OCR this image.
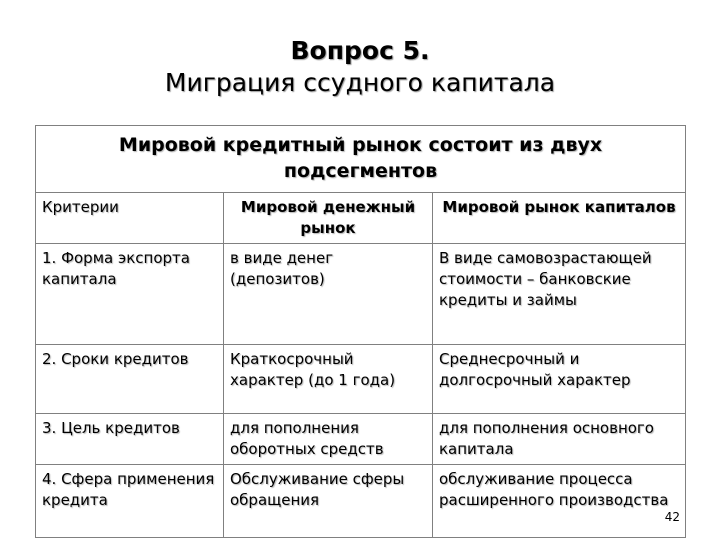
Вопрос 5.
Миграция ссудного капитала
Мировой кредитный рынок состоит из двух подсегментов		
Критерии	Мировой денежный рынок	Мировой рынок капиталов
1. Форма экспорта капитала	в виде денег (депозитов)	В виде самовозрастающей стоимости – банковские кредиты и займы
2. Сроки кредитов	Краткосрочный характер (до 1 года)	Среднесрочный и долгосрочный характер
3. Цель кредитов	для пополнения оборотных средств	для пополнения основного капитала
4. Сфера применения кредита	Обслуживание сферы обращения	обслуживание процесса расширенного производства
42
